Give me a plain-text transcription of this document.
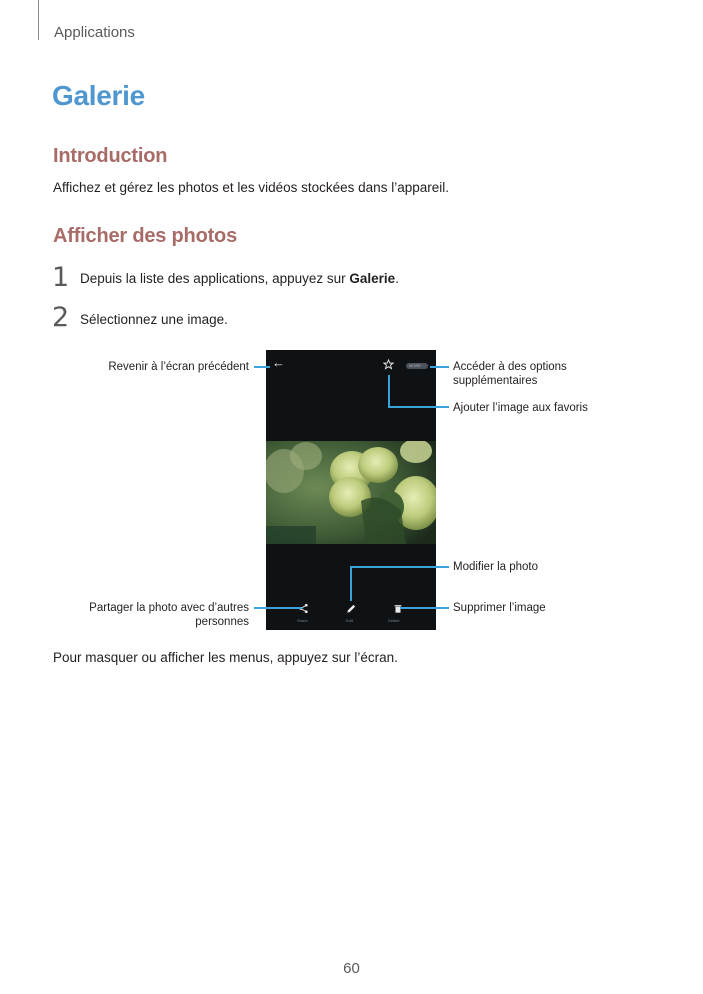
Applications
Galerie
Introduction
Affichez et gérez les photos et les vidéos stockées dans l’appareil.
Afficher des photos
1 Depuis la liste des applications, appuyez sur Galerie.
2 Sélectionnez une image.
←	MORE
Share	Edit	Delete
Revenir à l’écran précédent	Accéder à des options
supplémentaires
Ajouter l’image aux favoris
Modifier la photo
Partager la photo avec d’autres
personnes
Supprimer l’image
Pour masquer ou afficher les menus, appuyez sur l’écran.
60
